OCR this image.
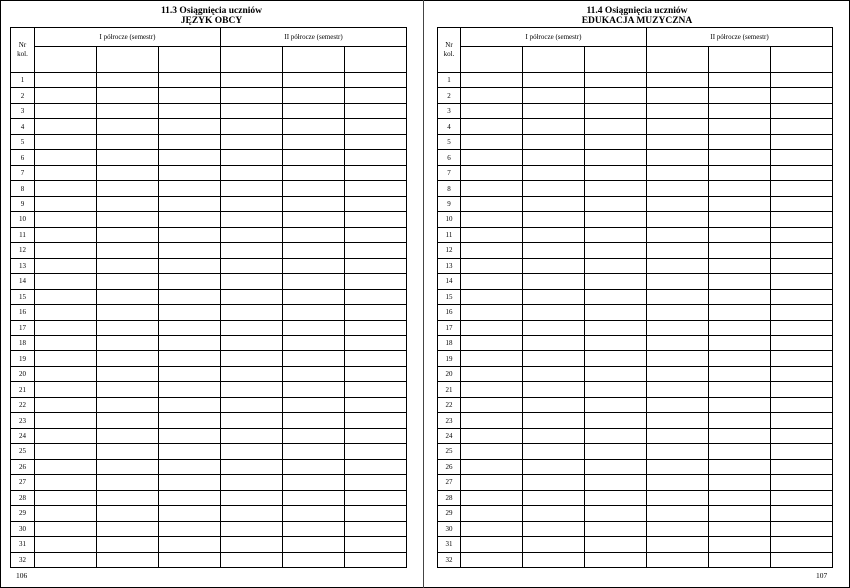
11.3 Osiągnięcia uczniów
JĘZYK OBCY
Nr
kol.	I półrocze (semestr)			II półrocze (semestr)		

1						
2						
3						
4						
5						
6						
7						
8						
9						
10						
11						
12						
13						
14						
15						
16						
17						
18						
19						
20						
21						
22						
23						
24						
25						
26						
27						
28						
29						
30						
31						
32						
106
11.4 Osiągnięcia uczniów
EDUKACJA MUZYCZNA
Nr
kol.	I półrocze (semestr)			II półrocze (semestr)		

1						
2						
3						
4						
5						
6						
7						
8						
9						
10						
11						
12						
13						
14						
15						
16						
17						
18						
19						
20						
21						
22						
23						
24						
25						
26						
27						
28						
29						
30						
31						
32						
107
